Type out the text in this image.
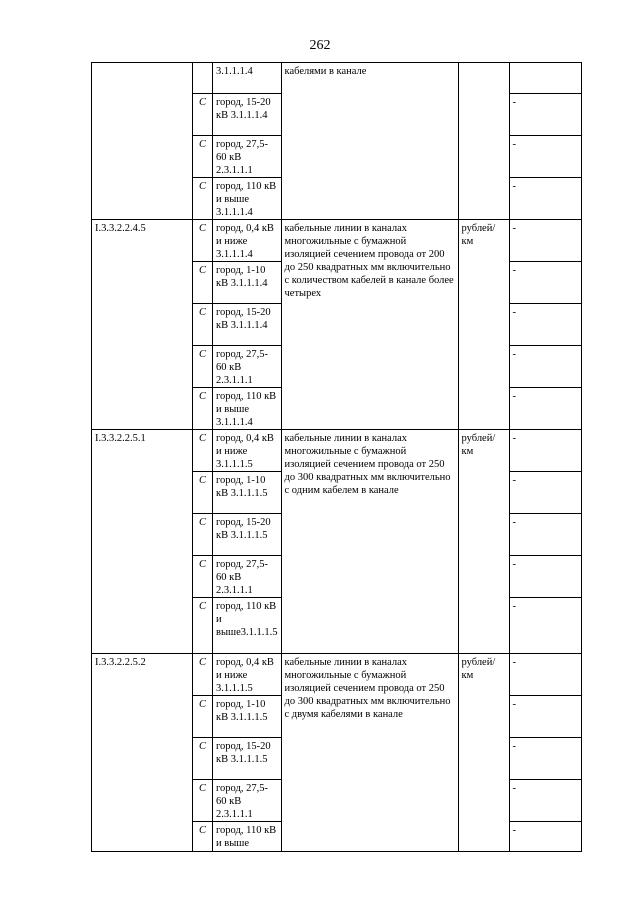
262
		3.1.1.1.4	кабелями в канале		
	C	город, 15-20 кВ 3.1.1.1.4			-
	C	город, 27,5-60 кВ 2.3.1.1.1			-
	C	город, 110 кВ и выше 3.1.1.1.4			-
I.3.3.2.2.4.5	C	город, 0,4 кВ и ниже 3.1.1.1.4	кабельные линии в каналах многожильные с бумажной изоляцией сечением провода от 200 до 250 квадратных мм включительно с количеством кабелей в канале более четырех	рублей/км	-
	C	город, 1-10 кВ 3.1.1.1.4			-
	C	город, 15-20 кВ 3.1.1.1.4			-
	C	город, 27,5-60 кВ 2.3.1.1.1			-
	C	город, 110 кВ и выше 3.1.1.1.4			-
I.3.3.2.2.5.1	C	город, 0,4 кВ и ниже 3.1.1.1.5	кабельные линии в каналах многожильные с бумажной изоляцией сечением провода от 250 до 300 квадратных мм включительно с одним кабелем в канале	рублей/км	-
	C	город, 1-10 кВ 3.1.1.1.5			-
	C	город, 15-20 кВ 3.1.1.1.5			-
	C	город, 27,5-60 кВ 2.3.1.1.1			-
	C	город, 110 кВ и выше3.1.1.1.5			-
I.3.3.2.2.5.2	C	город, 0,4 кВ и ниже 3.1.1.1.5	кабельные линии в каналах многожильные с бумажной изоляцией сечением провода от 250 до 300 квадратных мм включительно с двумя кабелями в канале	рублей/км	-
	C	город, 1-10 кВ 3.1.1.1.5			-
	C	город, 15-20 кВ 3.1.1.1.5			-
	C	город, 27,5-60 кВ 2.3.1.1.1			-
	C	город, 110 кВ и выше			-
